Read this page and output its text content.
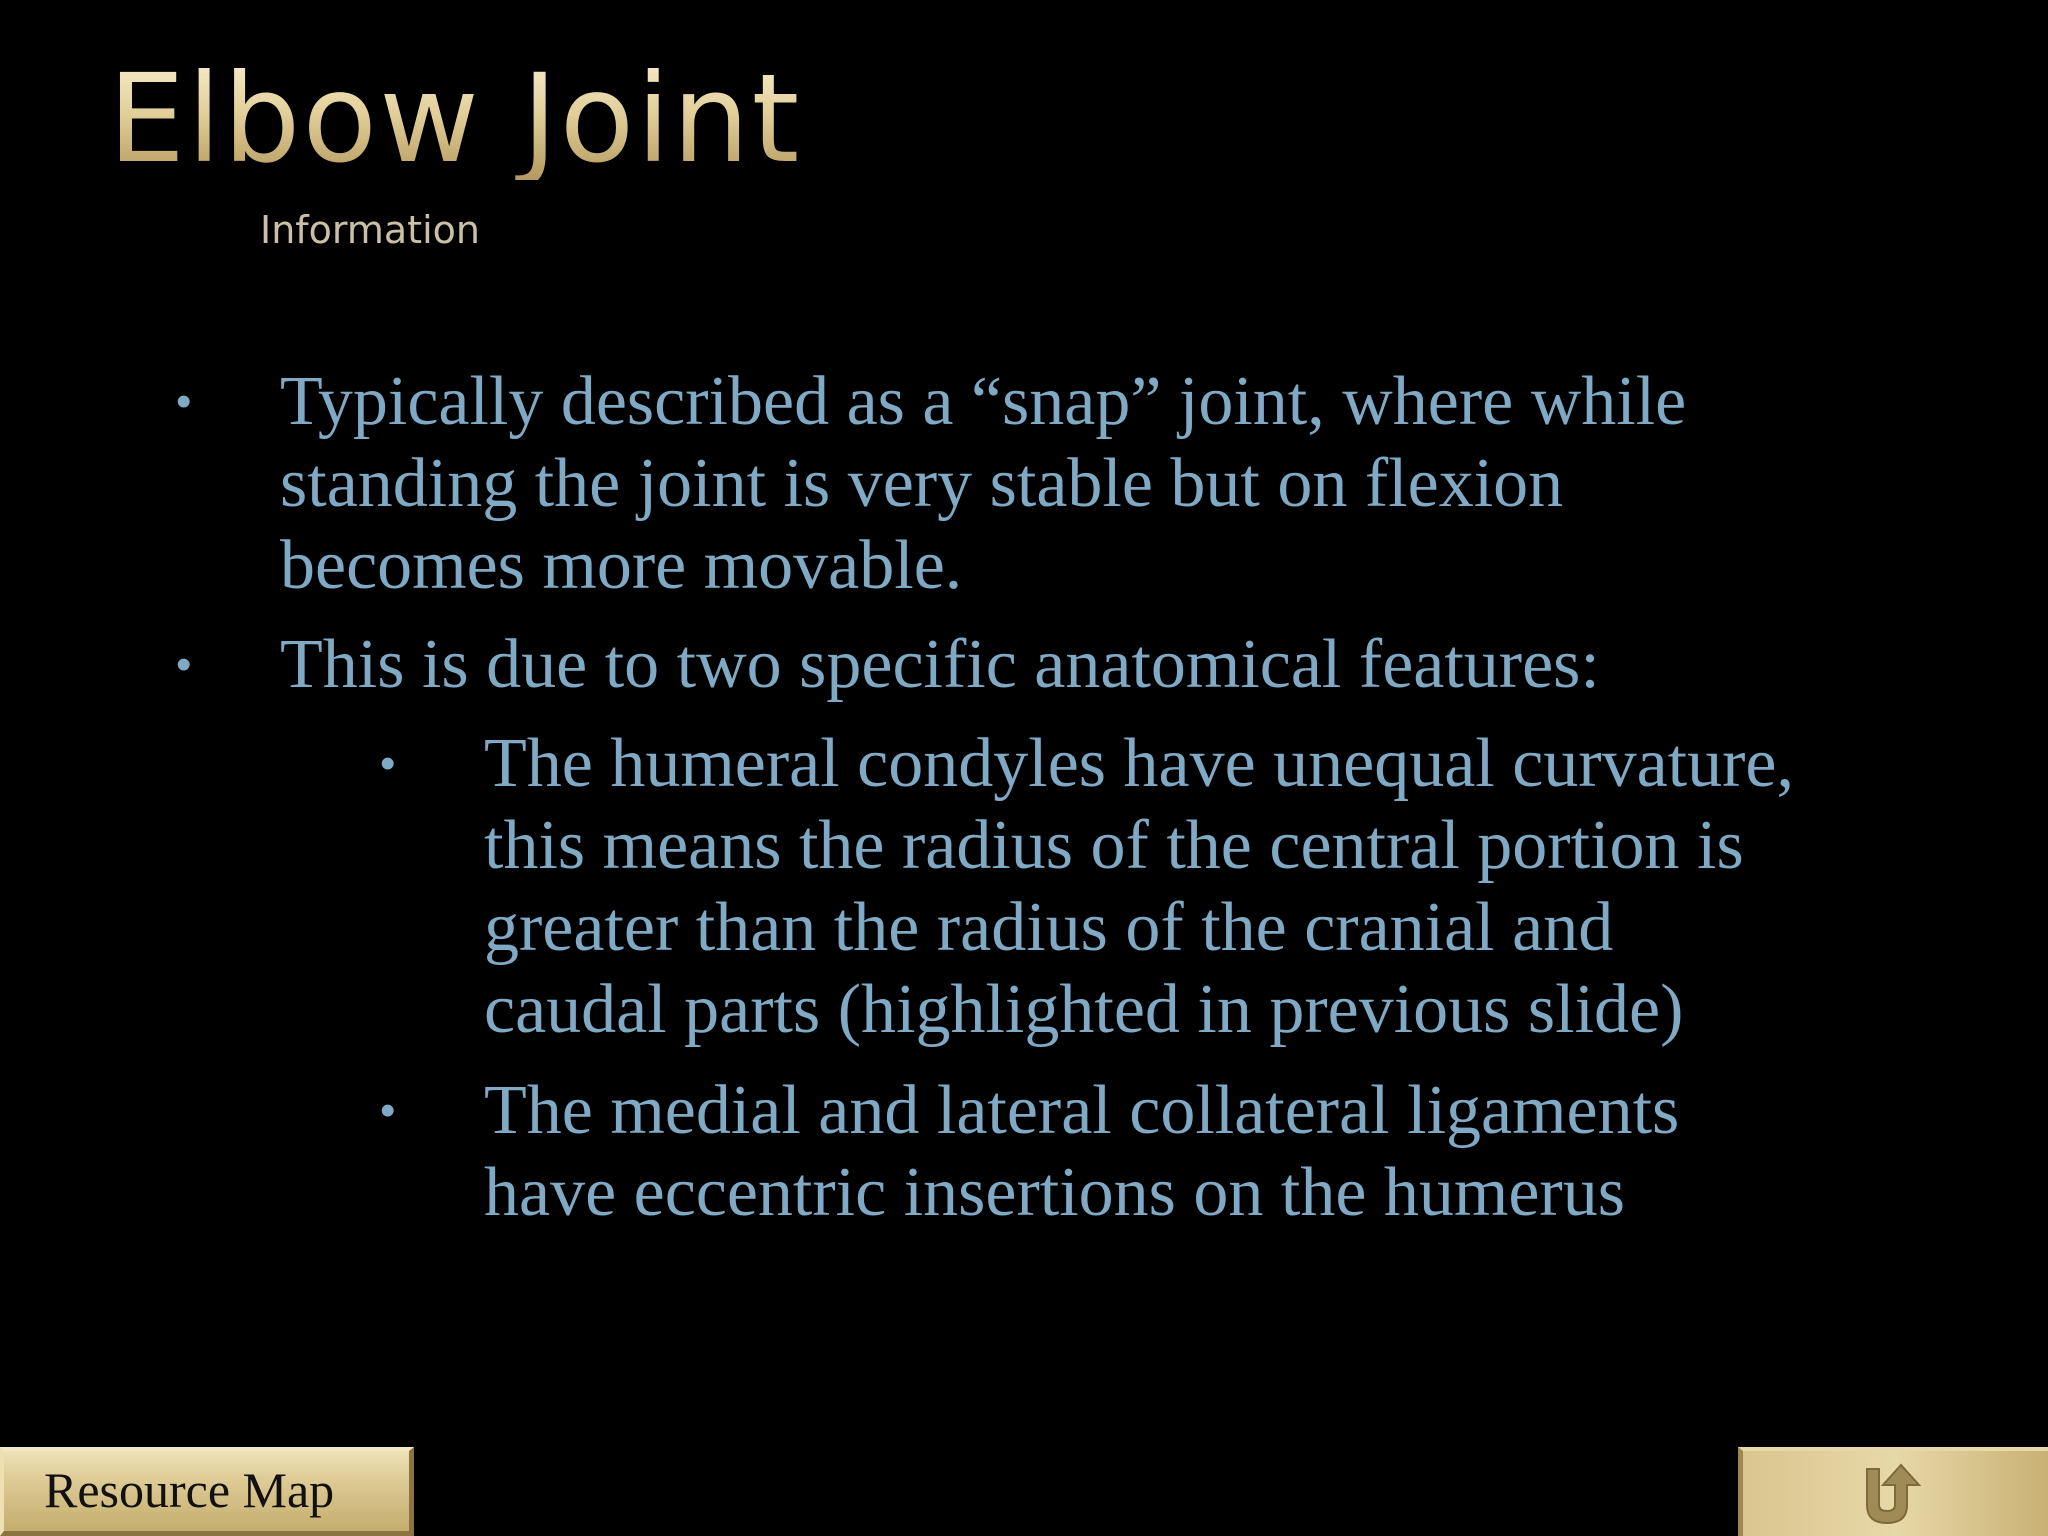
Elbow Joint
Information
• Typically described as a “snap” joint, where while
standing the joint is very stable but on flexion
becomes more movable.
• This is due to two specific anatomical features:
• The humeral condyles have unequal curvature,
this means the radius of the central portion is
greater than the radius of the cranial and
caudal parts (highlighted in previous slide)
• The medial and lateral collateral ligaments
have eccentric insertions on the humerus
Resource Map
